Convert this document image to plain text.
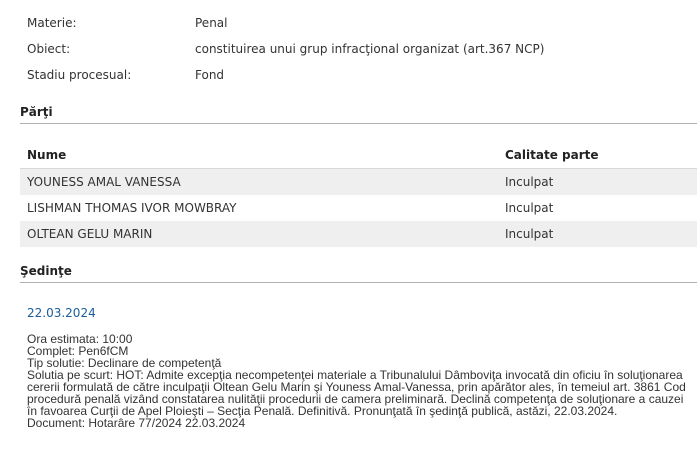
Materie:	Penal
Obiect:	constituirea unui grup infracţional organizat (art.367 NCP)
Stadiu procesual:	Fond
Părţi
Nume	Calitate parte
YOUNESS AMAL VANESSA	Inculpat
LISHMAN THOMAS IVOR MOWBRAY	Inculpat
OLTEAN GELU MARIN	Inculpat
Şedinţe
22.03.2024
Ora estimata: 10:00
Complet: Pen6fCM
Tip solutie: Declinare de competenţă
Solutia pe scurt: HOT: Admite excepţia necompetenţei materiale a Tribunalului Dâmboviţa invocată din oficiu în soluţionarea cererii formulată de către inculpaţii Oltean Gelu Marin şi Youness Amal-Vanessa, prin apărător ales, în temeiul art. 3861 Cod procedură penală vizând constatarea nulităţii procedurii de camera preliminară. Declină competenţa de soluţionare a cauzei în favoarea Curţii de Apel Ploieşti – Secţia Penală. Definitivă. Pronunţată în şedinţă publică, astăzi, 22.03.2024.
Document: Hotarâre 77/2024 22.03.2024
